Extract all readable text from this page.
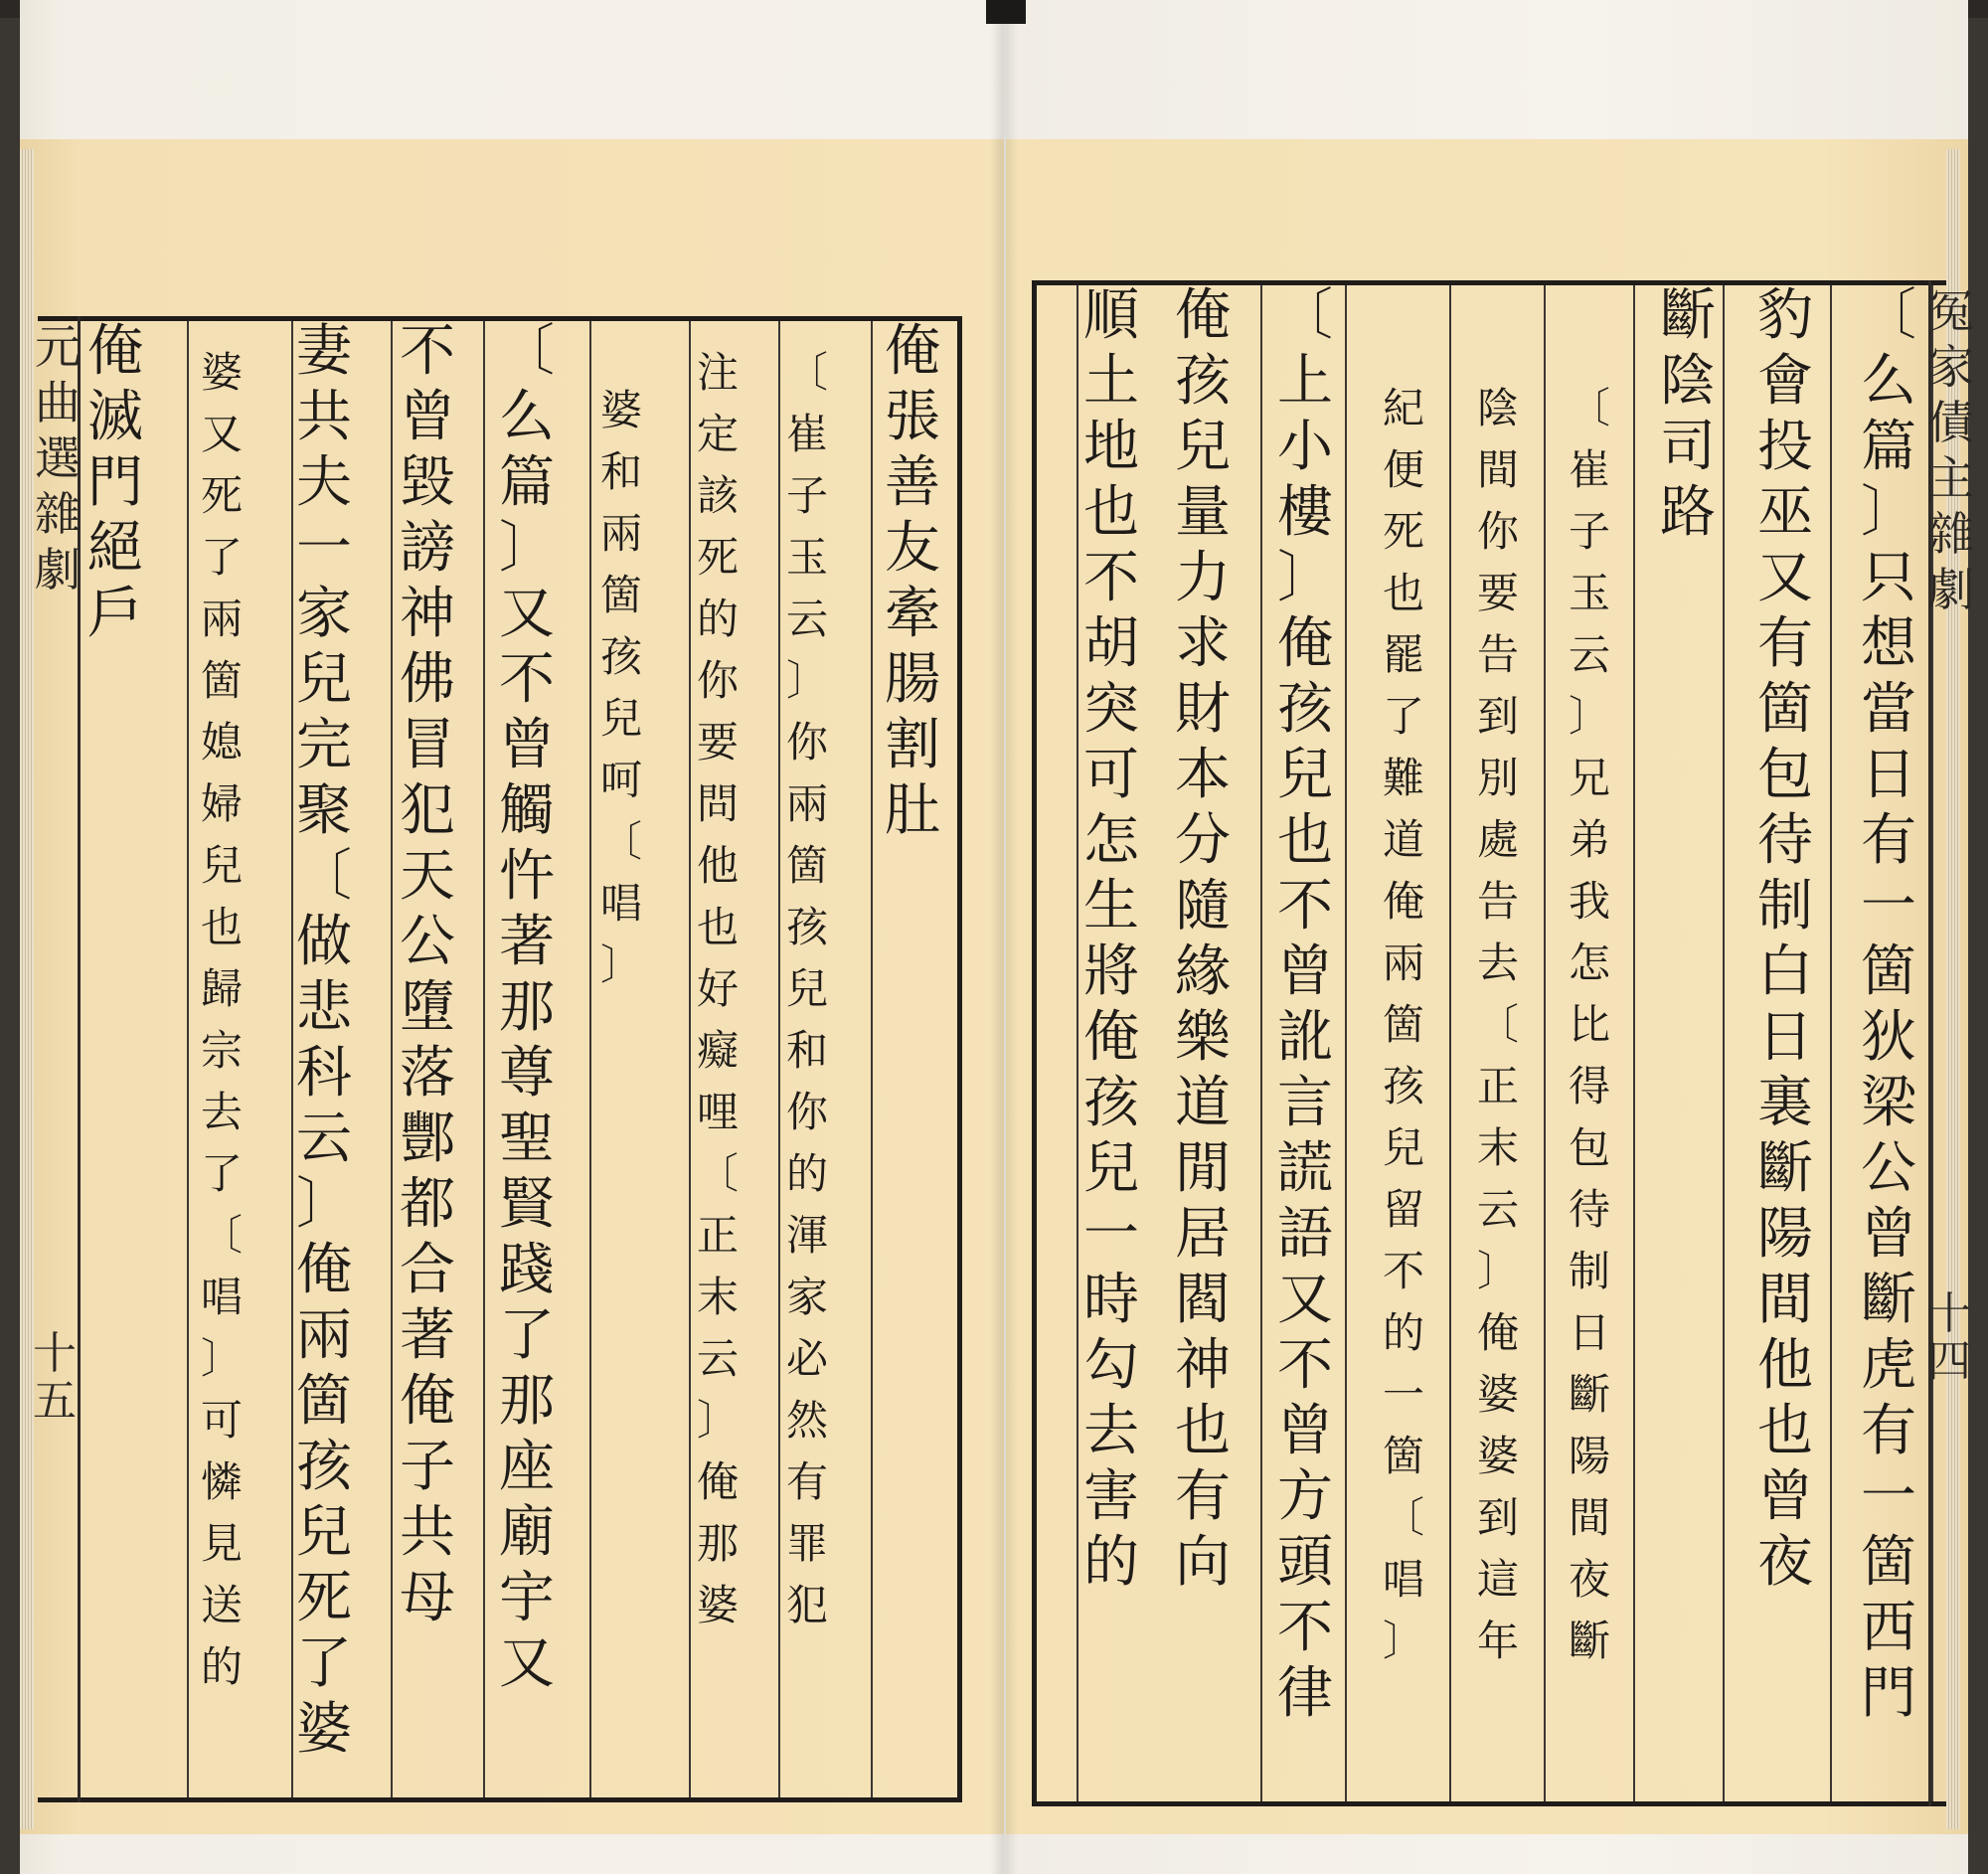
元
曲
選
雜
劇
十
五
俺
張
善
友
牽
腸
割
肚
〔
崔
子
玉
云
〕
你
兩
箇
孩
兒
和
你
的
渾
家
必
然
有
罪
犯
注
定
該
死
的
你
要
問
他
也
好
癡
哩
〔
正
末
云
〕
俺
那
婆
婆
和
兩
箇
孩
兒
呵
〔
唱
〕
〔
么
篇
〕
又
不
曾
觸
忤
著
那
尊
聖
賢
踐
了
那
座
廟
宇
又
不
曾
毀
謗
神
佛
冒
犯
天
公
墮
落
酆
都
合
著
俺
子
共
母
妻
共
夫
一
家
兒
完
聚
〔
做
悲
科
云
〕
俺
兩
箇
孩
兒
死
了
婆
婆
又
死
了
兩
箇
媳
婦
兒
也
歸
宗
去
了
〔
唱
〕
可
憐
見
送
的
俺
滅
門
絕
戶
冤
家
債
主
雜
劇
十
四
〔
么
篇
〕
只
想
當
日
有
一
箇
狄
梁
公
曾
斷
虎
有
一
箇
西
門
豹
會
投
巫
又
有
箇
包
待
制
白
日
裏
斷
陽
間
他
也
曾
夜
斷
陰
司
路
〔
崔
子
玉
云
〕
兄
弟
我
怎
比
得
包
待
制
日
斷
陽
間
夜
斷
陰
間
你
要
告
到
別
處
告
去
〔
正
末
云
〕
俺
婆
婆
到
這
年
紀
便
死
也
罷
了
難
道
俺
兩
箇
孩
兒
留
不
的
一
箇
〔
唱
〕
〔
上
小
樓
〕
俺
孩
兒
也
不
曾
訛
言
謊
語
又
不
曾
方
頭
不
律
俺
孩
兒
量
力
求
財
本
分
隨
緣
樂
道
閒
居
閻
神
也
有
向
順
土
地
也
不
胡
突
可
怎
生
將
俺
孩
兒
一
時
勾
去
害
的
